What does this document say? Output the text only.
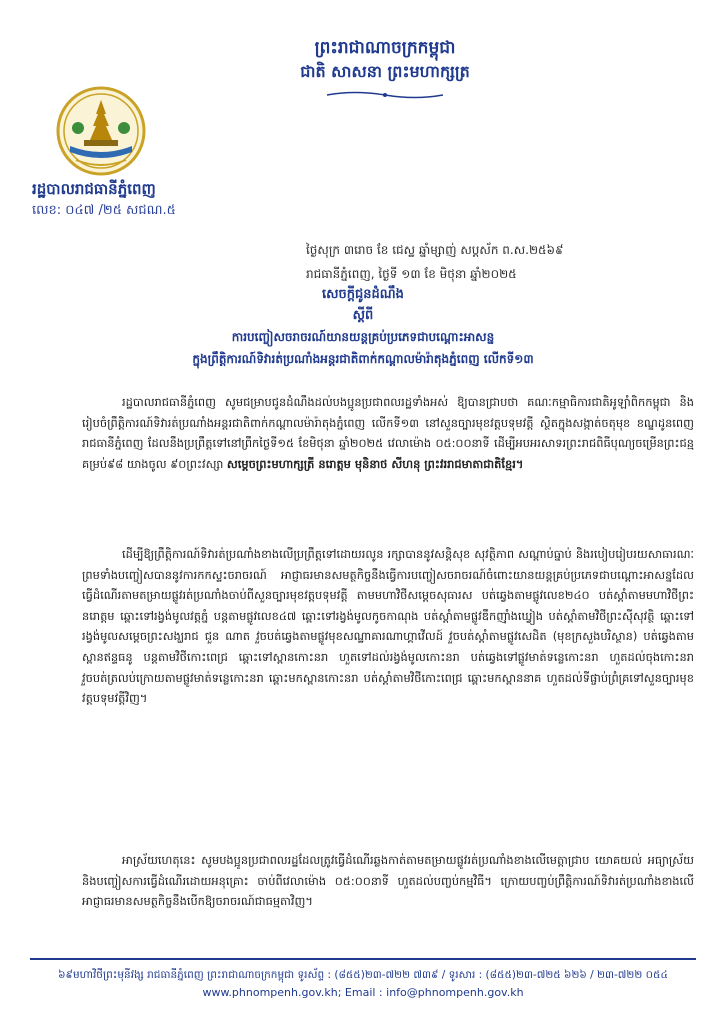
ព្រះរាជាណាចក្រកម្ពុជា
ជាតិ សាសនា ព្រះមហាក្សត្រ
រដ្ឋបាលរាជធានីភ្នំពេញ
លេខ: ០៤៧ /២៥ សជណ.៥
ថ្ងៃសុក្រ ៣រោច ខែ ជេស្ឋ ឆ្នាំម្សាញ់ សប្តស័ក ព.ស.២៥៦៩
រាជធានីភ្នំពេញ, ថ្ងៃទី ១៣ ខែ មិថុនា ឆ្នាំ២០២៥
សេចក្តីជូនដំណឹង
ស្តីពី
ការបញ្ចៀសចរាចរណ៍យានយន្តគ្រប់ប្រភេទជាបណ្តោះអាសន្ន
ក្នុងព្រឹត្តិការណ៍ទិវារត់ប្រណាំងអន្តរជាតិពាក់កណ្តាលម៉ារ៉ាតុងភ្នំពេញ លើកទី១៣

រដ្ឋបាលរាជធានីភ្នំពេញ សូមជម្រាបជូនដំណឹងដល់បងប្អូនប្រជាពលរដ្ឋទាំងអស់ ឱ្យបានជ្រាបថា គណៈកម្មាធិការជាតិអូឡាំពិកកម្ពុជា និងរៀបចំព្រឹត្តិការណ៍ទិវារត់ប្រណាំងអន្តរជាតិពាក់កណ្តាលម៉ារ៉ាតុងភ្នំពេញ លើកទី១៣ នៅសួនច្បារមុខវត្តបទុមវត្តី ស្ថិតក្នុងសង្កាត់ចតុមុខ ខណ្ឌដូនពេញ រាជធានីភ្នំពេញ ដែលនឹងប្រព្រឹត្តទៅនៅព្រឹកថ្ងៃទី១៥ ខែមិថុនា ឆ្នាំ២០២៥ វេលាម៉ោង ០៥:០០នាទី ដើម្បីអបអរសាទរព្រះរាជពិធីបុណ្យចម្រើនព្រះជន្មគម្រប់៩៨ យាងចូល ៩០ព្រះវស្សា សម្តេចព្រះមហាក្សត្រី នរោត្តម មុនិនាថ សីហនុ ព្រះវររាជមាតាជាតិខ្មែរ។

ដើម្បីឱ្យព្រឹត្តិការណ៍ទិវារត់ប្រណាំងខាងលើប្រព្រឹត្តទៅដោយរលូន រក្សាបាននូវសន្តិសុខ សុវត្ថិភាព សណ្តាប់ធ្នាប់ និងរបៀបរៀបរយសាធារណៈ ព្រមទាំងបញ្ចៀសបាននូវការកកស្ទះចរាចរណ៍ អាជ្ញាធរមានសមត្ថកិច្ចនឹងធ្វើការបញ្ចៀសចរាចរណ៍ចំពោះយានយន្តគ្រប់ប្រភេទជាបណ្តោះអាសន្នដែលធ្វើដំណើរតាមតម្រាយផ្លូវរត់ប្រណាំងចាប់ពីសួនច្បារមុខវត្តបទុមវត្តី តាមមហាវិថីសម្តេចសុធារស បត់ឆ្វេងតាមផ្លូវលេខ២៤០ បត់ស្តាំតាមមហាវិថីព្រះនរោត្តម ឆ្ពោះទៅរង្វង់មូលវត្តភ្នំ បន្តតាមផ្លូវលេខ៤៧ ឆ្ពោះទៅរង្វង់មូលកូចកាណុង បត់ស្តាំតាមផ្លូវឌឹកញ៉ាំងឃ្វៀង បត់ស្តាំតាមវិថីព្រះស៊ីសុវត្ថិ ឆ្ពោះទៅរង្វង់មូលសម្តេចព្រះសង្ឃរាជ ជួន ណាត វួចបត់ឆ្វេងតាមផ្លូវមុខសណ្ឋាគារណាហ្គាវើលដ៍ វួចបត់ស្តាំតាមផ្លូវសេដិត (មុខក្រសួងបរិស្ថាន) បត់ឆ្វេងតាមស្ពានឥន្ទធនូ បន្តតាមវិថីកោះពេជ្រ ឆ្ពោះទៅស្ពានកោះនរា ហួតទៅដល់រង្វង់មូលកោះនរា បត់ឆ្វេងទៅផ្លូវមាត់ទន្លេកោះនរា ហួតដល់ចុងកោះនរា វួចបត់ត្រលប់ក្រោយតាមផ្លូវមាត់ទន្លេកោះនរា ឆ្ពោះមកស្ពានកោះនរា បត់ស្តាំតាមវិថីកោះពេជ្រ ឆ្ពោះមកស្ពាននាគ ហួតដល់ទីផ្ចាប់ព្រំគ្រទៅសួនច្បារមុខវត្តបទុមវត្តីវិញ។

អាស្រ័យហេតុនេះ សូមបងប្អូនប្រជាពលរដ្ឋដែលត្រូវធ្វើដំណើរឆ្លងកាត់តាមតម្រាយផ្លូវរត់ប្រណាំងខាងលើមេត្តាជ្រាប យោគយល់ អធ្យាស្រ័យ និងបញ្ចៀសការធ្វើដំណើរដោយអនុគ្រោះ ចាប់ពីវេលាម៉ោង ០៥:០០នាទី ហួតដល់បញ្ចប់កម្មវិធី។ ក្រោយបញ្ចប់ព្រឹត្តិការណ៍ទិវារត់ប្រណាំងខាងលើ អាជ្ញាធរមានសមត្ថកិច្ចនឹងបើកឱ្យចរាចរណ៍ជាធម្មតាវិញ។

៦៩មហាវិថីព្រះមុនីវង្ស រាជធានីភ្នំពេញ ព្រះរាជាណាចក្រកម្ពុជា ទូរស័ព្ទ : (៨៥៥)២៣-៧២២ ៧៣៩ / ទូរសារ : (៨៥៥)២៣-៧២៥ ៦២៦ / ២៣-៧២២ ០៥៤
www.phnompenh.gov.kh; Email : info@phnompenh.gov.kh
